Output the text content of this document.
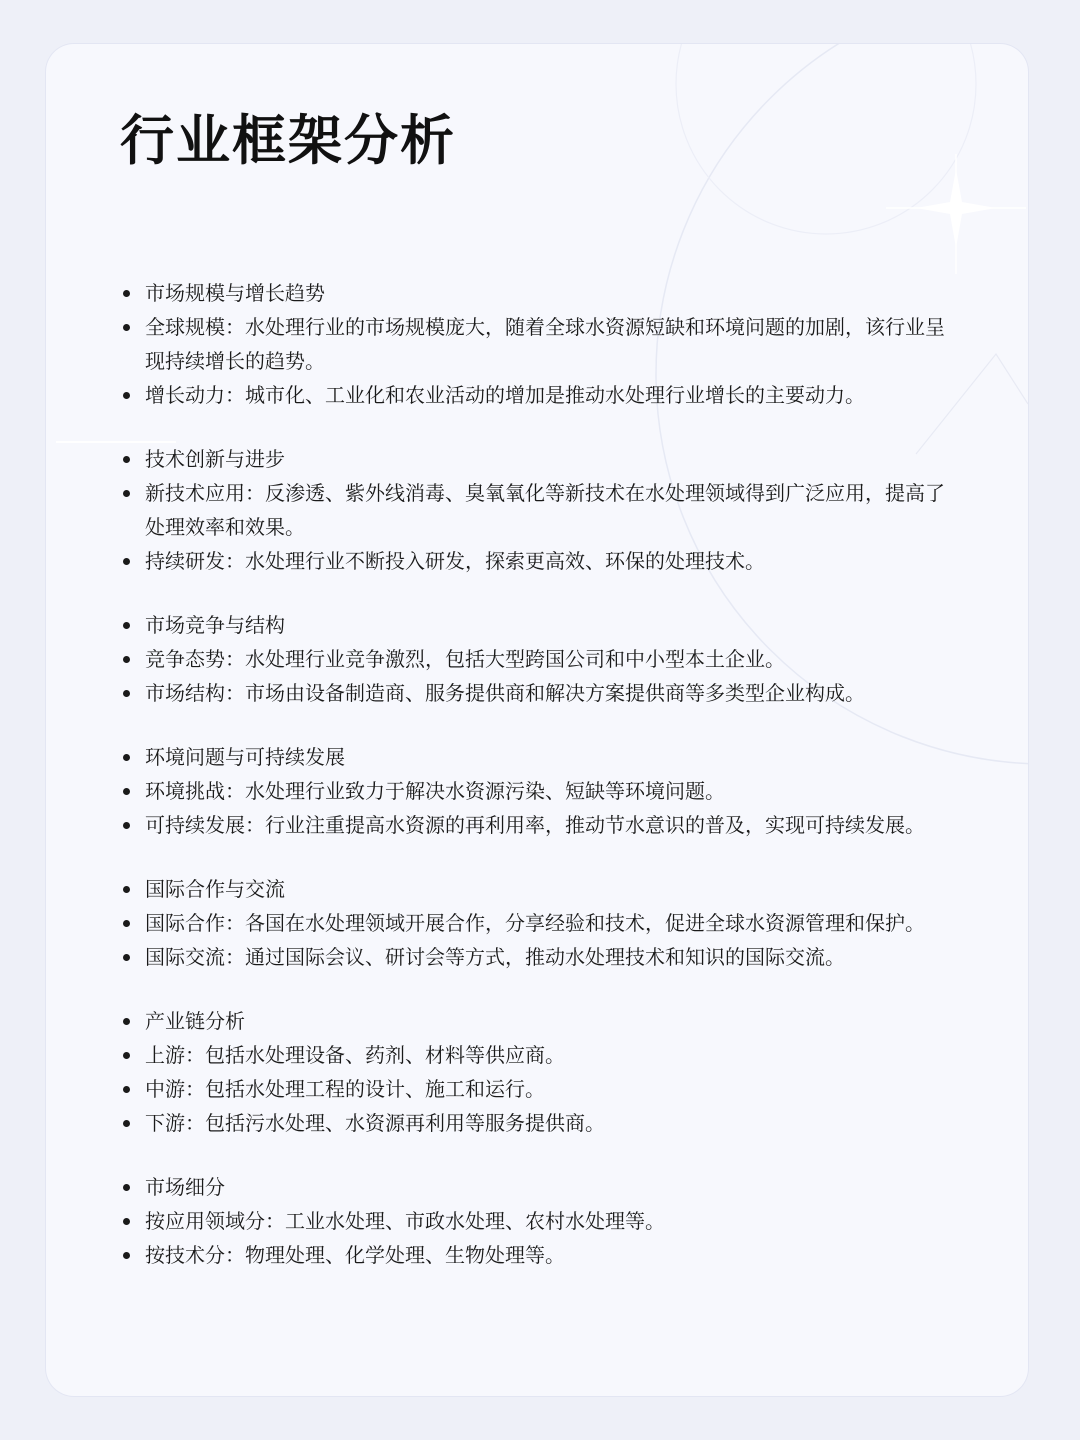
行业框架分析
市场规模与增长趋势
全球规模：水处理行业的市场规模庞大，随着全球水资源短缺和环境问题的加剧，该行业呈现持续增长的趋势。
增长动力：城市化、工业化和农业活动的增加是推动水处理行业增长的主要动力。
技术创新与进步
新技术应用：反渗透、紫外线消毒、臭氧氧化等新技术在水处理领域得到广泛应用，提高了处理效率和效果。
持续研发：水处理行业不断投入研发，探索更高效、环保的处理技术。
市场竞争与结构
竞争态势：水处理行业竞争激烈，包括大型跨国公司和中小型本土企业。
市场结构：市场由设备制造商、服务提供商和解决方案提供商等多类型企业构成。
环境问题与可持续发展
环境挑战：水处理行业致力于解决水资源污染、短缺等环境问题。
可持续发展：行业注重提高水资源的再利用率，推动节水意识的普及，实现可持续发展。
国际合作与交流
国际合作：各国在水处理领域开展合作，分享经验和技术，促进全球水资源管理和保护。
国际交流：通过国际会议、研讨会等方式，推动水处理技术和知识的国际交流。
产业链分析
上游：包括水处理设备、药剂、材料等供应商。
中游：包括水处理工程的设计、施工和运行。
下游：包括污水处理、水资源再利用等服务提供商。
市场细分
按应用领域分：工业水处理、市政水处理、农村水处理等。
按技术分：物理处理、化学处理、生物处理等。
